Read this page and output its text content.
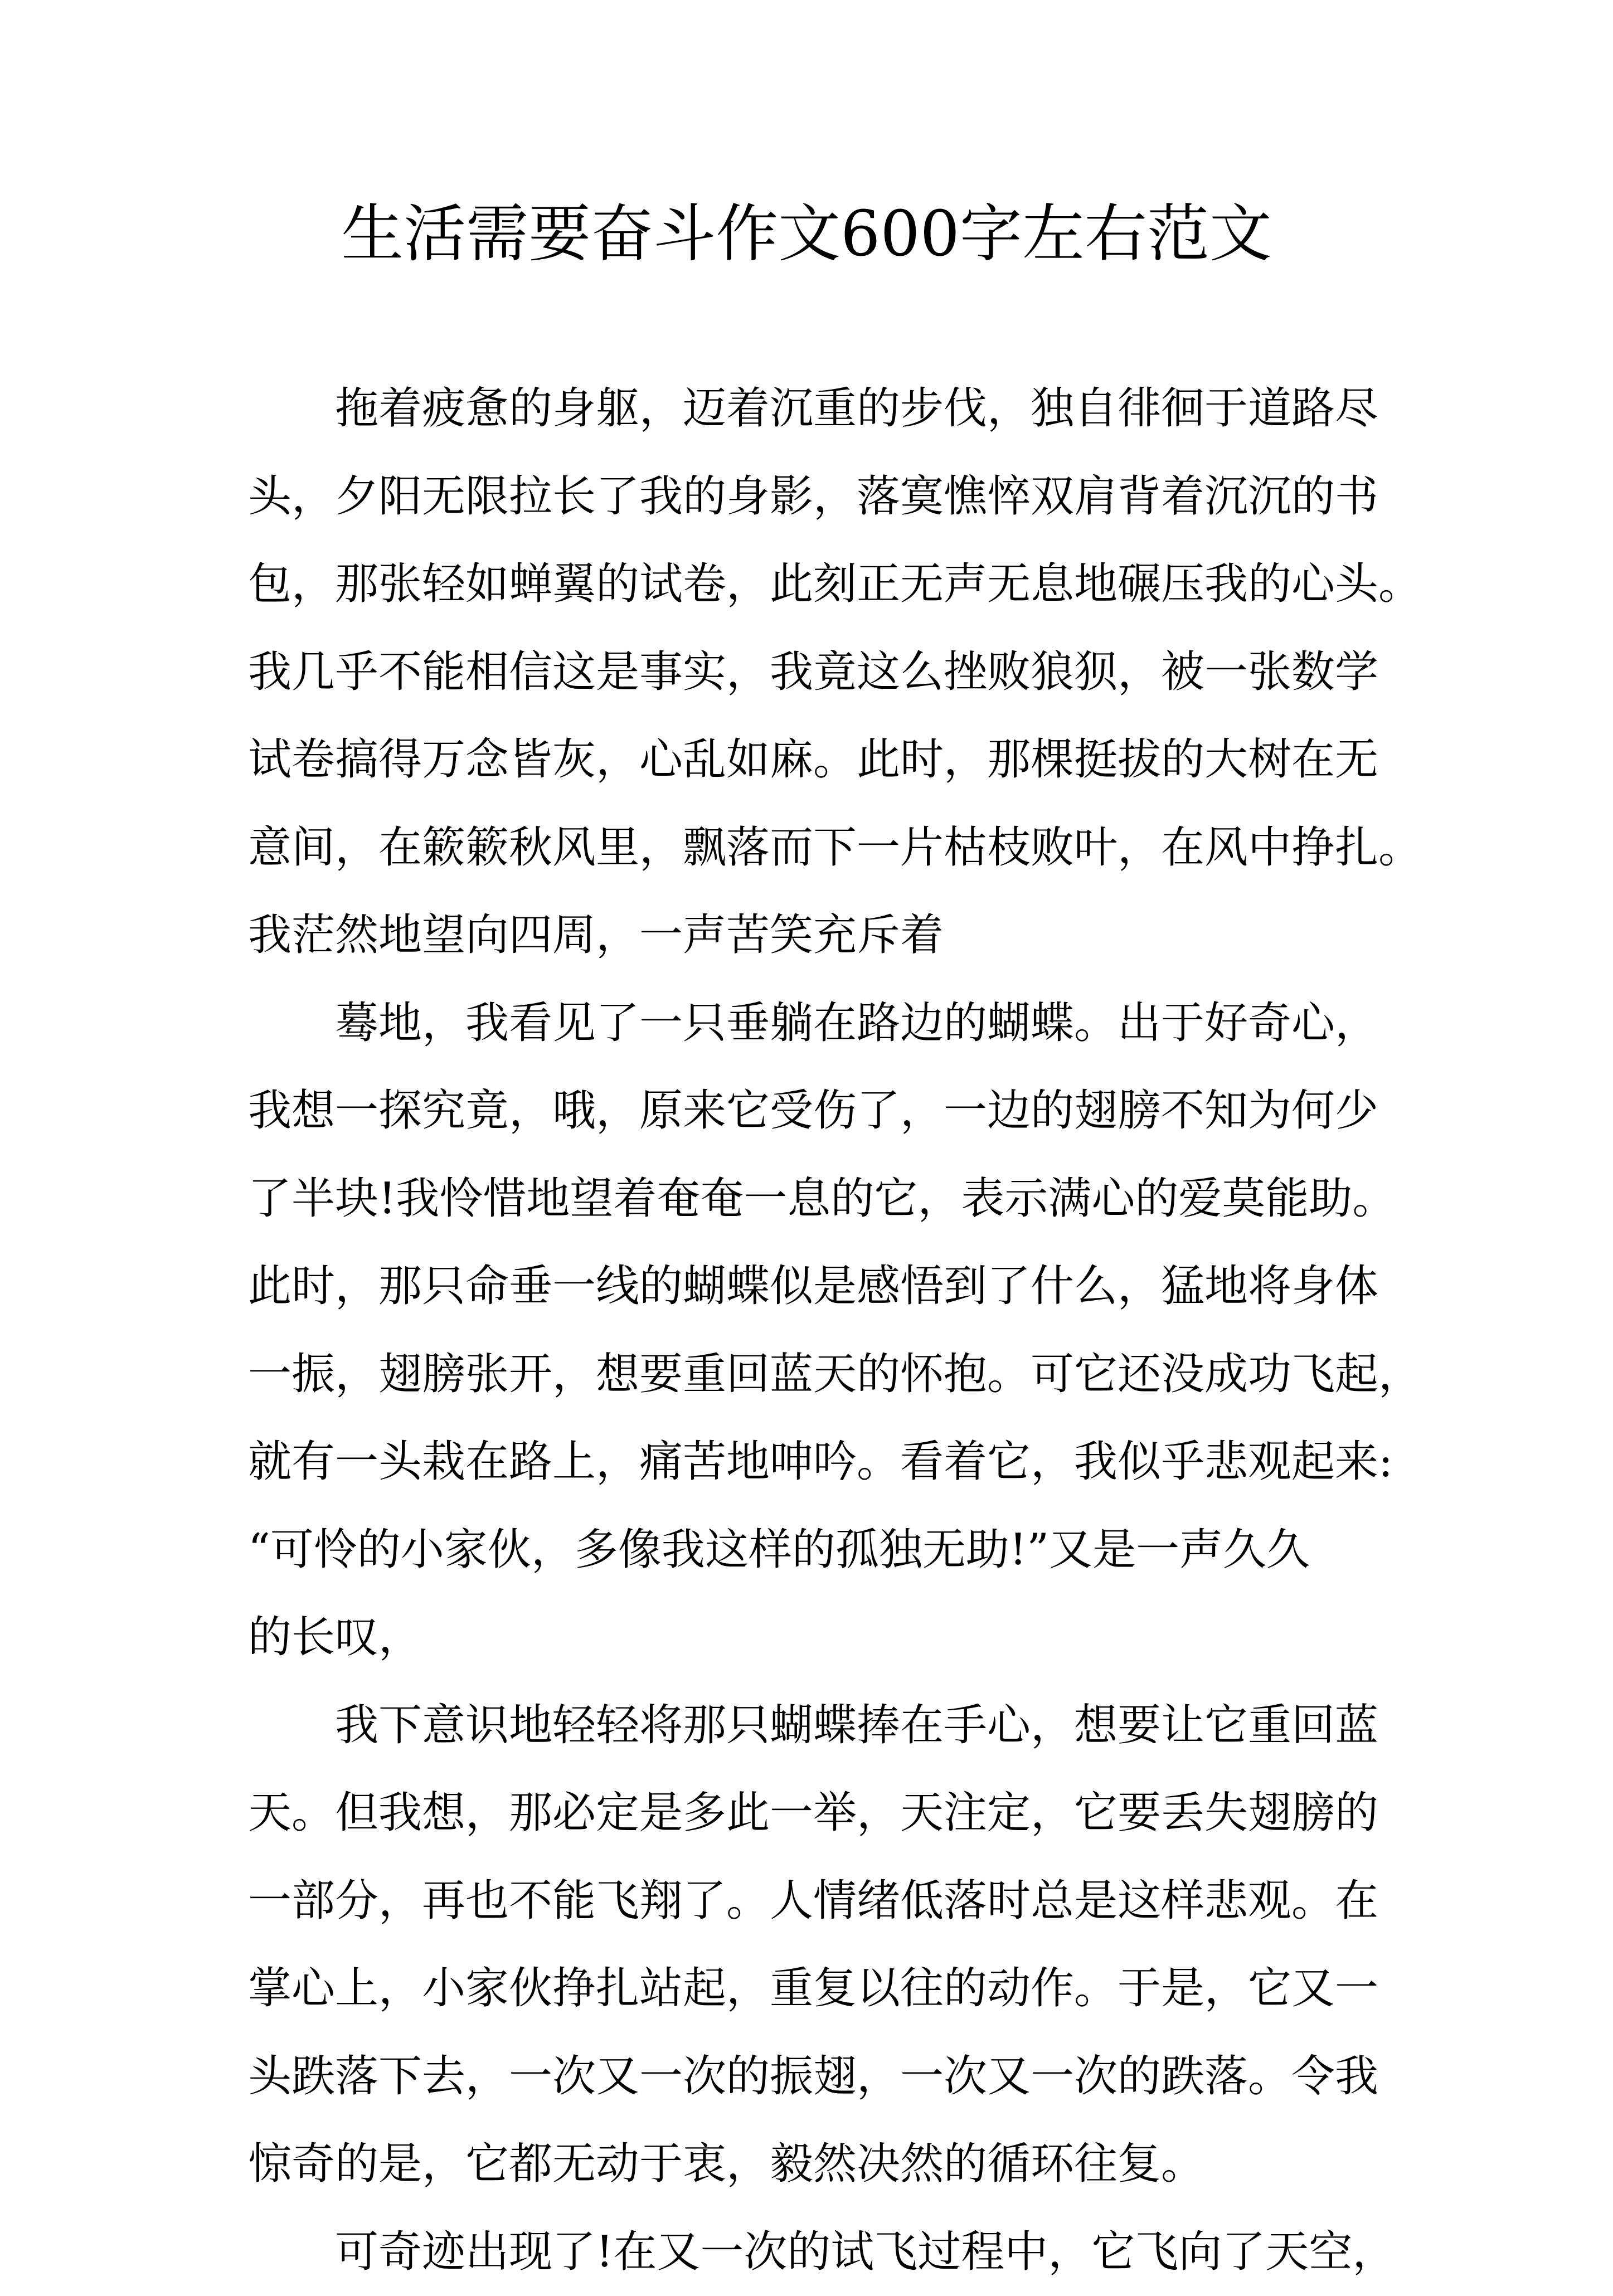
生活需要奋斗作文600字左右范文

　　拖着疲惫的身躯，迈着沉重的步伐，独自徘徊于道路尽
头，夕阳无限拉长了我的身影，落寞憔悴双肩背着沉沉的书
包，那张轻如蝉翼的试卷，此刻正无声无息地碾压我的心头。
我几乎不能相信这是事实，我竟这么挫败狼狈，被一张数学
试卷搞得万念皆灰，心乱如麻。此时，那棵挺拔的大树在无
意间，在簌簌秋风里，飘落而下一片枯枝败叶，在风中挣扎。
我茫然地望向四周，一声苦笑充斥着

　　蓦地，我看见了一只垂躺在路边的蝴蝶。出于好奇心，
我想一探究竟，哦，原来它受伤了，一边的翅膀不知为何少
了半块!我怜惜地望着奄奄一息的它，表示满心的爱莫能助。
此时，那只命垂一线的蝴蝶似是感悟到了什么，猛地将身体
一振，翅膀张开，想要重回蓝天的怀抱。可它还没成功飞起，
就有一头栽在路上，痛苦地呻吟。看着它，我似乎悲观起来:
“可怜的小家伙，多像我这样的孤独无助!”又是一声久久
的长叹，

　　我下意识地轻轻将那只蝴蝶捧在手心，想要让它重回蓝
天。但我想，那必定是多此一举，天注定，它要丢失翅膀的
一部分，再也不能飞翔了。人情绪低落时总是这样悲观。在
掌心上，小家伙挣扎站起，重复以往的动作。于是，它又一
头跌落下去，一次又一次的振翅，一次又一次的跌落。令我
惊奇的是，它都无动于衷，毅然决然的循环往复。

　　可奇迹出现了!在又一次的试飞过程中，它飞向了天空，
